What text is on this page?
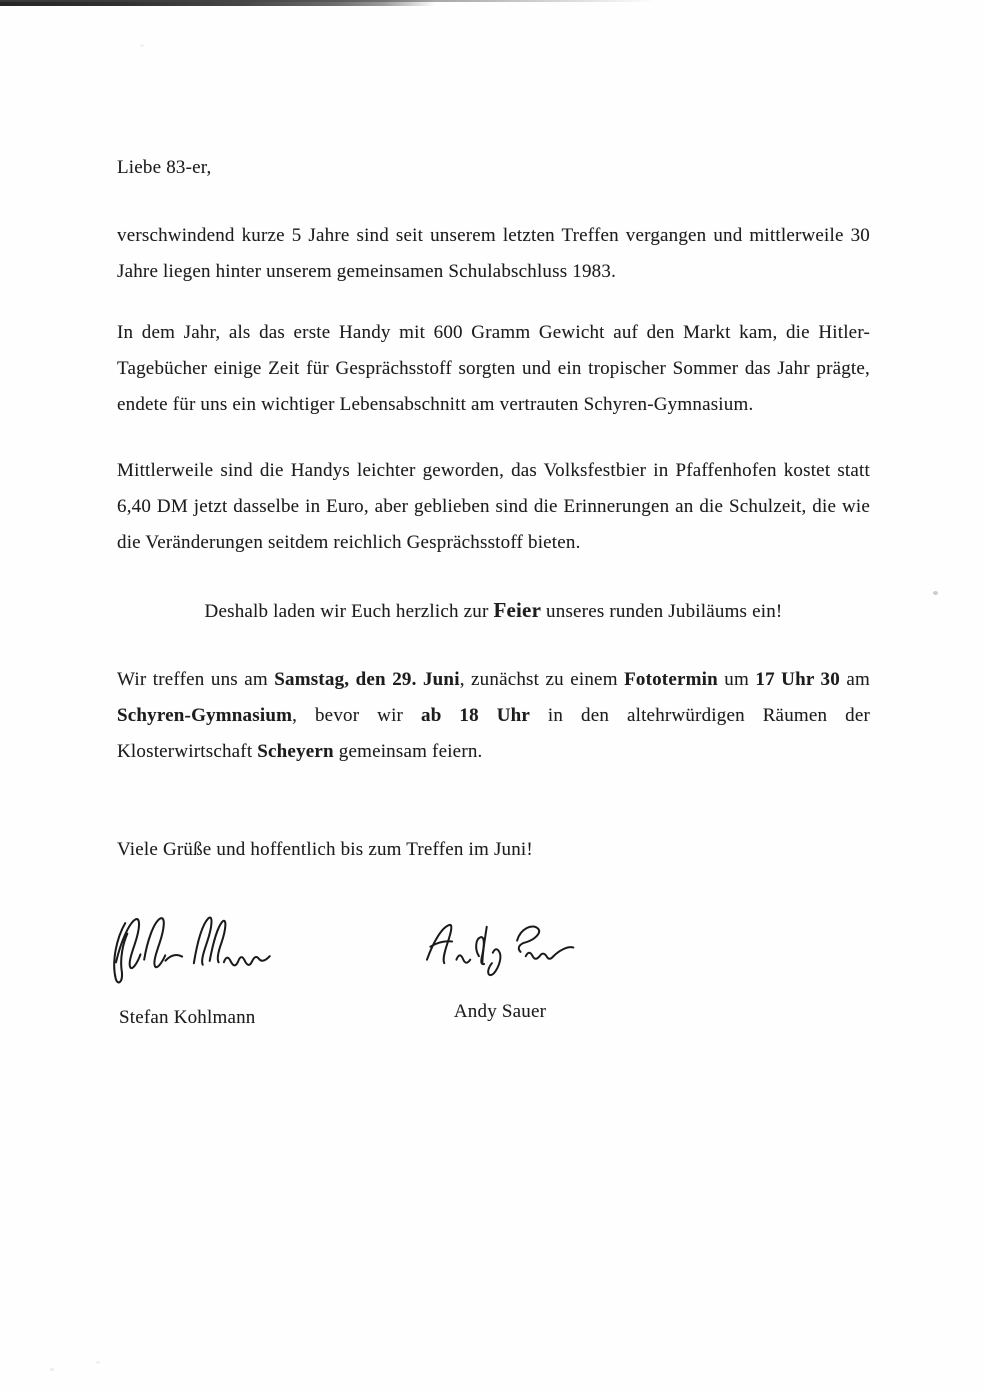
Liebe 83-er,

verschwindend kurze 5 Jahre sind seit unserem letzten Treffen vergangen und mittlerweile 30 Jahre liegen hinter unserem gemeinsamen Schulabschluss 1983.

In dem Jahr, als das erste Handy mit 600 Gramm Gewicht auf den Markt kam, die Hitler-Tagebücher einige Zeit für Gesprächsstoff sorgten und ein tropischer Sommer das Jahr prägte, endete für uns ein wichtiger Lebensabschnitt am vertrauten Schyren-Gymnasium.

Mittlerweile sind die Handys leichter geworden, das Volksfestbier in Pfaffenhofen kostet statt 6,40 DM jetzt dasselbe in Euro, aber geblieben sind die Erinnerungen an die Schulzeit, die wie die Veränderungen seitdem reichlich Gesprächsstoff bieten.

Deshalb laden wir Euch herzlich zur Feier unseres runden Jubiläums ein!

Wir treffen uns am Samstag, den 29. Juni, zunächst zu einem Fototermin um 17 Uhr 30 am Schyren-Gymnasium, bevor wir ab 18 Uhr in den altehrwürdigen Räumen der Klosterwirtschaft Scheyern gemeinsam feiern.

Viele Grüße und hoffentlich bis zum Treffen im Juni!

Stefan Kohlmann	Andy Sauer
